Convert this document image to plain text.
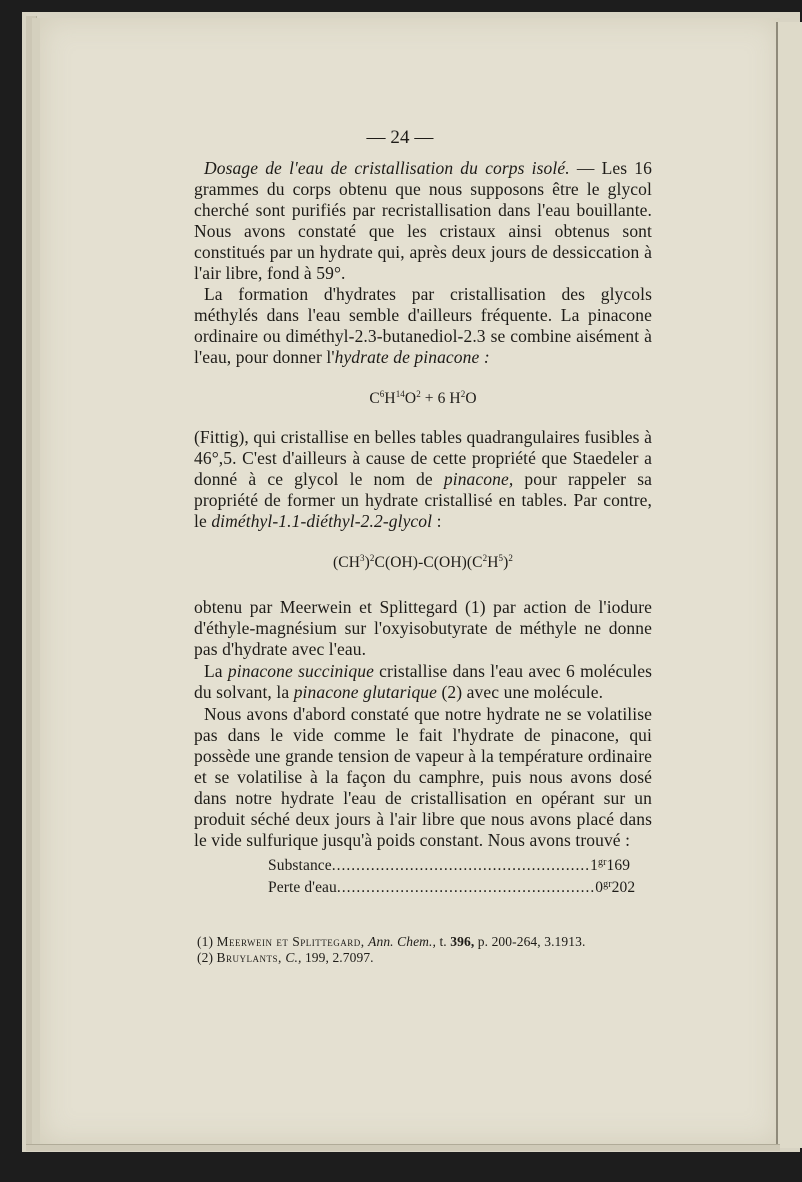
— 24 —

Dosage de l'eau de cristallisation du corps isolé. — Les 16 grammes du corps obtenu que nous supposons être le glycol cherché sont purifiés par recristallisation dans l'eau bouillante. Nous avons constaté que les cristaux ainsi obtenus sont constitués par un hydrate qui, après deux jours de dessiccation à l'air libre, fond à 59°.

La formation d'hydrates par cristallisation des glycols méthylés dans l'eau semble d'ailleurs fréquente. La pinacone ordinaire ou diméthyl-2.3-butanediol-2.3 se combine aisément à l'eau, pour donner l'hydrate de pinacone :

$C^6H^{14}O^2 + 6$ $H^2O$

(Fittig), qui cristallise en belles tables quadrangulaires fusibles à 46°,5. C'est d'ailleurs à cause de cette propriété que Staedeler a donné à ce glycol le nom de pinacone, pour rappeler sa propriété de former un hydrate cristallisé en tables. Par contre, le diméthyl-1.1-diéthyl-2.2-glycol :

$(CH^3)^2C(OH)-C(OH)(C^2H^5)^2$

obtenu par Meerwein et Splittegard (1) par action de l'iodure d'éthyle-magnésium sur l'oxyisobutyrate de méthyle ne donne pas d'hydrate avec l'eau.

La pinacone succinique cristallise dans l'eau avec 6 molécules du solvant, la pinacone glutarique (2) avec une molécule.

Nous avons d'abord constaté que notre hydrate ne se volatilise pas dans le vide comme le fait l'hydrate de pinacone, qui possède une grande tension de vapeur à la température ordinaire et se volatilise à la façon du camphre, puis nous avons dosé dans notre hydrate l'eau de cristallisation en opérant sur un produit séché deux jours à l'air libre que nous avons placé dans le vide sulfurique jusqu'à poids constant. Nous avons trouvé :

Substance ..................................................... $1^{gr}169$
Perte d'eau ..................................................... $0^{gr}202$
(1) Meerwein et Splittegard, Ann. Chem., t. 396, p. 200-264, 3.1913.
(2) Bruylants, C., 199, 2.7097.
